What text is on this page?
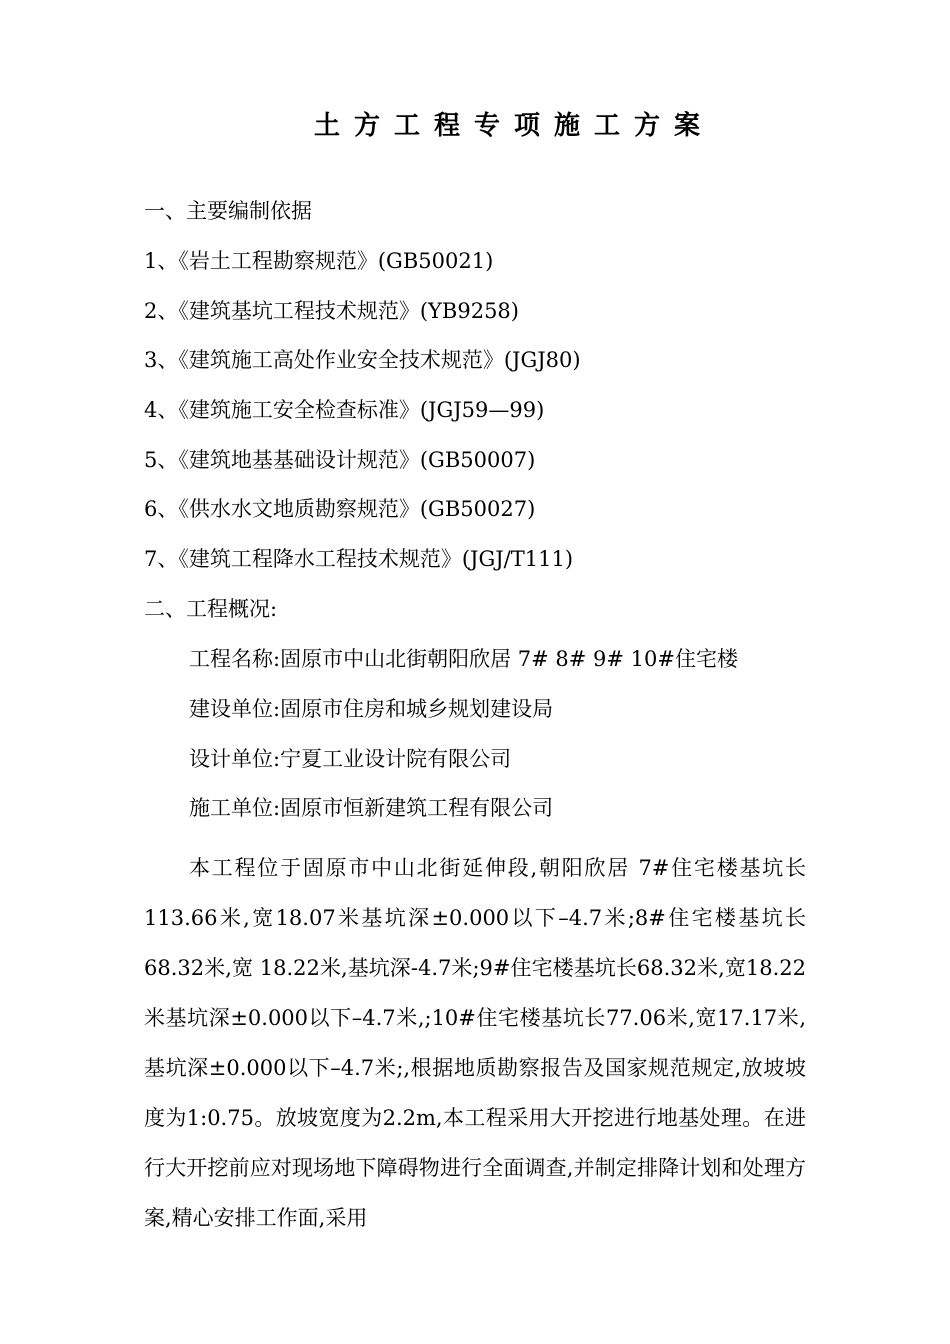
土方工程专项施工方案

一、主要编制依据

1、《岩土工程勘察规范》(GB50021)

2、《建筑基坑工程技术规范》(YB9258)

3、《建筑施工高处作业安全技术规范》(JGJ80)

4、《建筑施工安全检查标准》(JGJ59—99)

5、《建筑地基基础设计规范》(GB50007)

6、《供水水文地质勘察规范》(GB50027)

7、《建筑工程降水工程技术规范》(JGJ/T111)

二、工程概况:

工程名称:固原市中山北街朝阳欣居 7# 8# 9# 10#住宅楼

建设单位:固原市住房和城乡规划建设局

设计单位:宁夏工业设计院有限公司

施工单位:固原市恒新建筑工程有限公司

本工程位于固原市中山北街延伸段,朝阳欣居 7#住宅楼基坑长113.66米,宽18.07米基坑深±0.000以下–4.7米;8#住宅楼基坑长68.32米,宽 18.22米,基坑深-4.7米;9#住宅楼基坑长68.32米,宽18.22米基坑深±0.000以下–4.7米,;10#住宅楼基坑长77.06米,宽17.17米,基坑深±0.000以下–4.7米;,根据地质勘察报告及国家规范规定,放坡坡度为1:0.75。放坡宽度为2.2m,本工程采用大开挖进行地基处理。在进行大开挖前应对现场地下障碍物进行全面调查,并制定排降计划和处理方案,精心安排工作面,采用
